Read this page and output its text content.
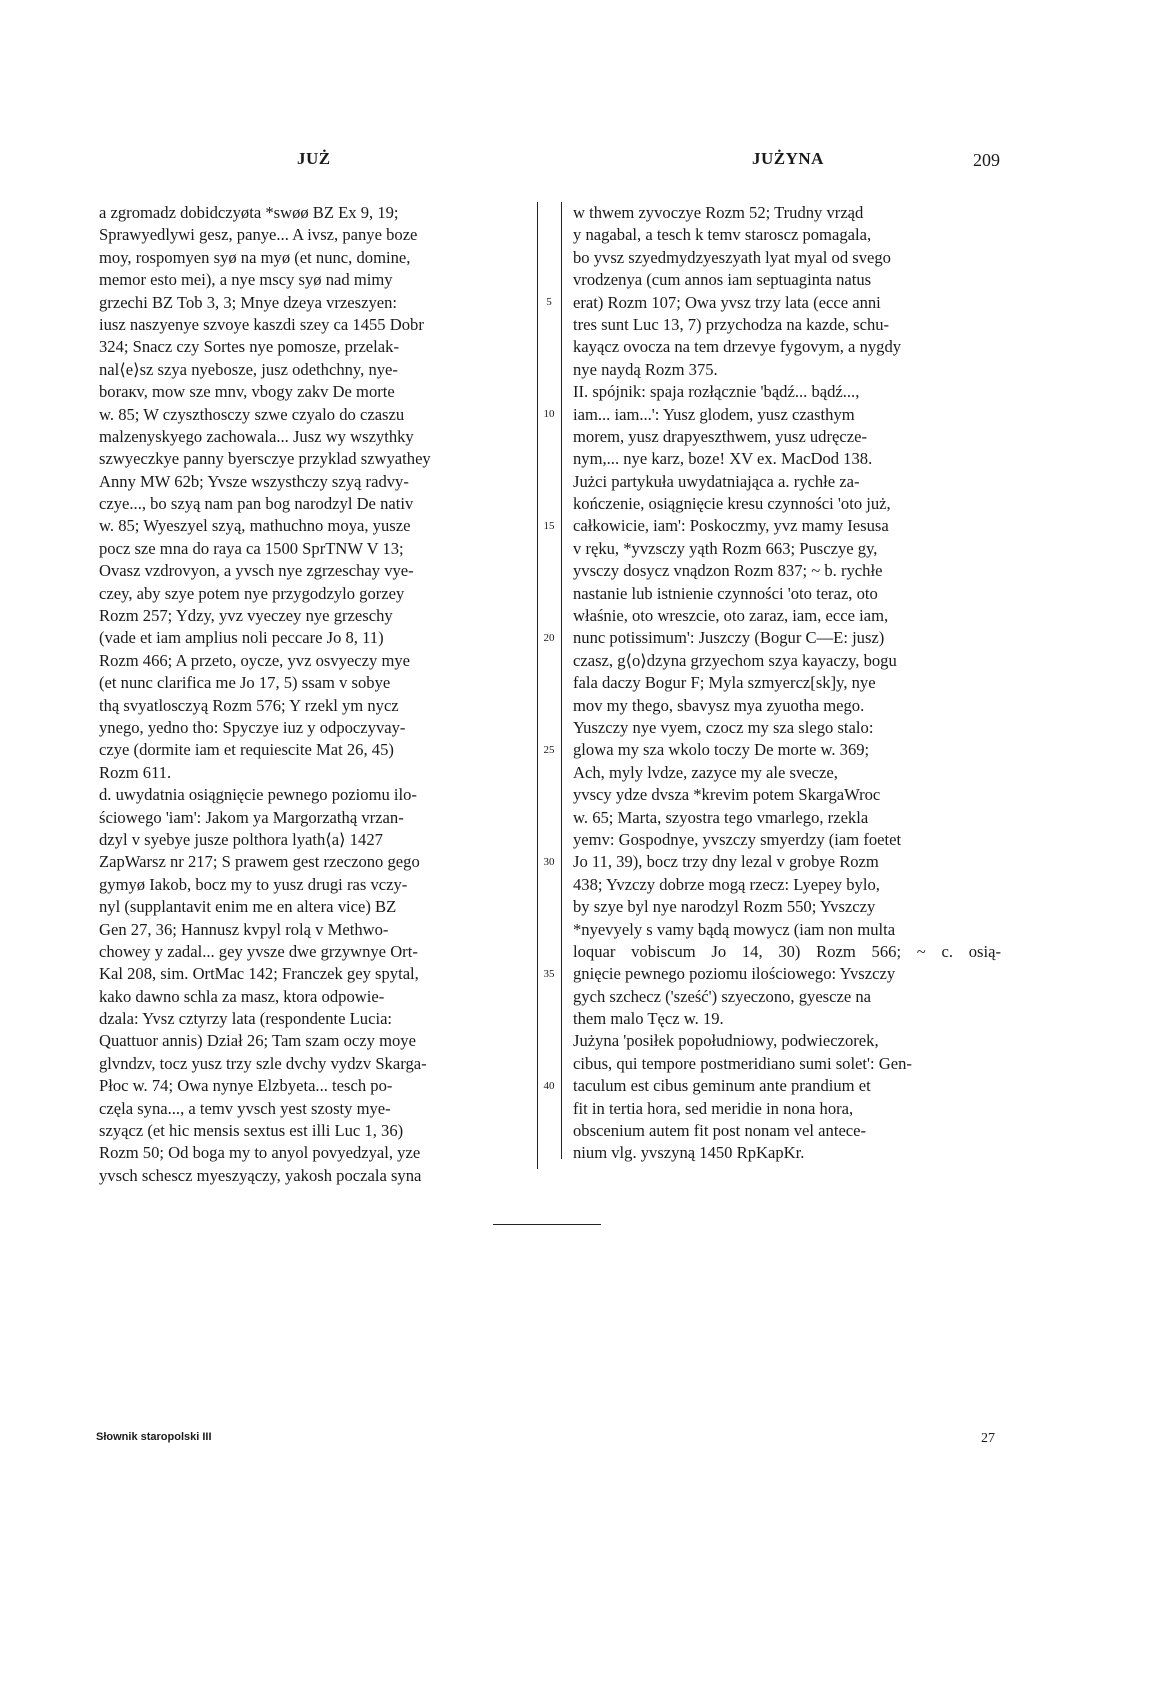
JUŻ	JUŻYNA	209
a zgromadz dobidczyøta *swøø BZ Ex 9, 19;
Sprawyedlywi gesz, panye... A ivsz, panye boze
moy, rospomyen syø na myø (et nunc, domine,
memor esto mei), a nye mscy syø nad mimy
grzechi BZ Tob 3, 3; Mnye dzeya vrzeszyen:
iusz naszyenye szvoye kaszdi szey ca 1455 Dobr
324; Snacz czy Sortes nye pomosze, przelak-
nal⟨e⟩sz szya nyebosze, jusz odethchny, nye-
boraкv, mow sze mnv, vbogy zakv De morte
w. 85; W czyszthosczy szwe czyalo do czaszu
malzenyskyego zachowala... Jusz wy wszythky
szwyeczkye panny byersczye przyklad szwyathey
Anny MW 62b; Yvsze wszysthczy szyą radvy-
czye..., bo szyą nam pan bog narodzyl De nativ
w. 85; Wyeszyel szyą, mathuchno moya, yusze
pocz sze mna do raya ca 1500 SprTNW V 13;
Ovasz vzdrovyon, a yvsch nye zgrzeschay vye-
czey, aby szye potem nye przygodzylo gorzey
Rozm 257; Ydzy, yvz vyeczey nye grzeschy
(vade et iam amplius noli peccare Jo 8, 11)
Rozm 466; A przeto, oycze, yvz osvyeczy mye
(et nunc clarifica me Jo 17, 5) ssam v sobye
thą svyatlosczyą Rozm 576; Y rzekl ym nycz
ynego, yedno tho: Spyczye iuz y odpoczyvay-
czye (dormite iam et requiescite Mat 26, 45)
Rozm 611.
d. uwydatnia osiągnięcie pewnego poziomu ilo-
ściowego 'iam': Jakom ya Margorzathą vrzan-
dzyl v syebye jusze polthora lyath⟨a⟩ 1427
ZapWarsz nr 217; S prawem gest rzeczono gego
gymyø Iakob, bocz my to yusz drugi ras vczy-
nyl (supplantavit enim me en altera vice) BZ
Gen 27, 36; Hannusz kvpyl rolą v Methwo-
chowey y zadal... gey yvsze dwe grzywnye Ort-
Kal 208, sim. OrtMac 142; Franczek gey spytal,
kako dawno schla za masz, ktora odpowie-
dzala: Yvsz cztyrzy lata (respondente Lucia:
Quattuor annis) Dział 26; Tam szam oczy moye
glvndzv, tocz yusz trzy szle dvchy vydzv Skarga-
Płoc w. 74; Owa nynye Elzbyeta... tesch po-
częla syna..., a temv yvsch yest szosty mye-
szyącz (et hic mensis sextus est illi Luc 1, 36)
Rozm 50; Od boga my to anyol povyedzyal, yze
yvsch schescz myeszyączy, yakosh poczala syna
5
10
15
20
25
30
35
40
w thwem zyvoczye Rozm 52; Trudny vrząd
y nagabal, a tesch k temv starosсz pomagala,
bo yvsz szyedmydzyeszyath lyat myal od svego
vrodzenya (cum annos iam septuaginta natus
erat) Rozm 107; Owa yvsz trzy lata (ecce anni
tres sunt Luc 13, 7) przychodza na kazde, schu-
kayącz ovocza na tem drzevye fygovym, a nygdy
nye naydą Rozm 375.
II. spójnik: spaja rozłącznie 'bądź... bądź...,
iam... iam...': Yusz glodem, yusz czasthym
morem, yusz drapyeszthwem, yusz udręcze-
nym,... nye karz, boze! XV ex. MacDod 138.
Jużci partykuła uwydatniająca a. rychłe za-
kończenie, osiągnięcie kresu czynności 'oto już,
całkowicie, iam': Poskoczmy, yvz mamy Iesusa
v ręku, *yvzsczy yąth Rozm 663; Pusczye gy,
yvsczy dosycz vnądzon Rozm 837; ~ b. rychłe
nastanie lub istnienie czynności 'oto teraz, oto
właśnie, oto wreszcie, oto zaraz, iam, ecce iam,
nunc potissimum': Juszczy (Bogur C—E: jusz)
czasz, g⟨o⟩dzyna grzyechom szya kayaczy, bogu
fala daczy Bogur F; Myla szmyercz[sk]y, nye
mov my thego, sbavysz mya zyuotha mego.
Yuszczy nye vyem, czocz my sza slego stalo:
glowa my sza wkolo toczy De morte w. 369;
Ach, myly lvdze, zazyce my ale svecze,
yvscy ydze dvsza *krevim potem SkargaWroc
w. 65; Marta, szyostra tego vmarlego, rzekla
yemv: Gospodnye, yvszczy smyerdzy (iam foetet
Jo 11, 39), bocz trzy dny lezal v grobye Rozm
438; Yvzczy dobrze mogą rzecz: Lyepey bylo,
by szye byl nye narodzyl Rozm 550; Yvszczy
*nyevyely s vamy bądą mowycz (iam non multa
loquar vobiscum Jo 14, 30) Rozm 566; ~ c. osią-
gnięcie pewnego poziomu ilościowego: Yvszczy
gych szchecz ('sześć') szyeczono, gyescze na
them malo Tęcz w. 19.
Jużyna 'posiłek popołudniowy, podwieczorek,
cibus, qui tempore postmeridiano sumi solet': Gen-
taculum est cibus geminum ante prandium et
fit in tertia hora, sed meridie in nona hora,
obscenium autem fit post nonam vel antece-
nium vlg. yvszyną 1450 RpKapKr.
Słownik staropolski III	27
